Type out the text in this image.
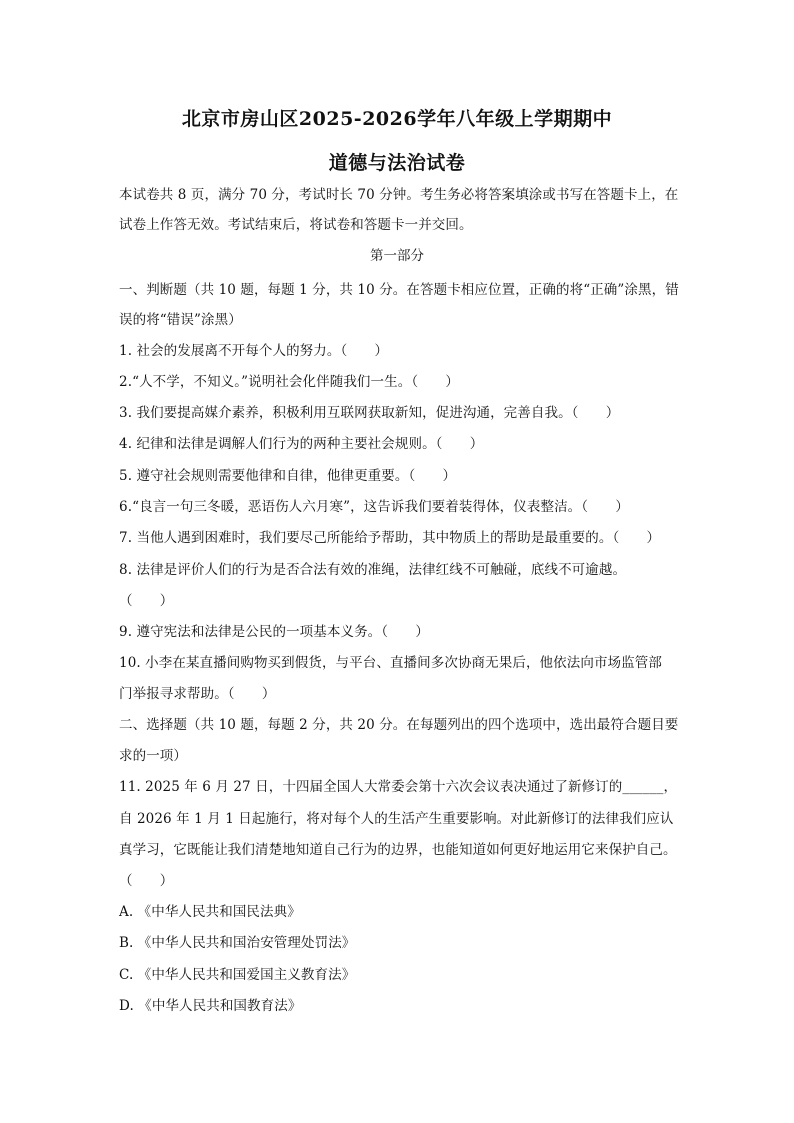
北京市房山区2025-2026学年八年级上学期期中
道德与法治试卷
本试卷共 8 页，满分 70 分，考试时长 70 分钟。考生务必将答案填涂或书写在答题卡上，在
试卷上作答无效。考试结束后，将试卷和答题卡一并交回。
第一部分
一、判断题（共 10 题，每题 1 分，共 10 分。在答题卡相应位置，正确的将“正确”涂黑，错
误的将“错误”涂黑）
1. 社会的发展离不开每个人的努力。（　　）
2.“人不学，不知义。”说明社会化伴随我们一生。（　　）
3. 我们要提高媒介素养，积极利用互联网获取新知，促进沟通，完善自我。（　　）
4. 纪律和法律是调解人们行为的两种主要社会规则。（　　）
5. 遵守社会规则需要他律和自律，他律更重要。（　　）
6.“良言一句三冬暖，恶语伤人六月寒”，这告诉我们要着装得体，仪表整洁。（　　）
7. 当他人遇到困难时，我们要尽己所能给予帮助，其中物质上的帮助是最重要的。（　　）
8. 法律是评价人们的行为是否合法有效的准绳，法律红线不可触碰，底线不可逾越。
（　　）
9. 遵守宪法和法律是公民的一项基本义务。（　　）
10. 小李在某直播间购物买到假货，与平台、直播间多次协商无果后，他依法向市场监管部
门举报寻求帮助。（　　）
二、选择题（共 10 题，每题 2 分，共 20 分。在每题列出的四个选项中，选出最符合题目要
求的一项）
11. 2025 年 6 月 27 日，十四届全国人大常委会第十六次会议表决通过了新修订的______，
自 2026 年 1 月 1 日起施行，将对每个人的生活产生重要影响。对此新修订的法律我们应认
真学习，它既能让我们清楚地知道自己行为的边界，也能知道如何更好地运用它来保护自己。
（　　）
A. 《中华人民共和国民法典》
B. 《中华人民共和国治安管理处罚法》
C. 《中华人民共和国爱国主义教育法》
D. 《中华人民共和国教育法》
